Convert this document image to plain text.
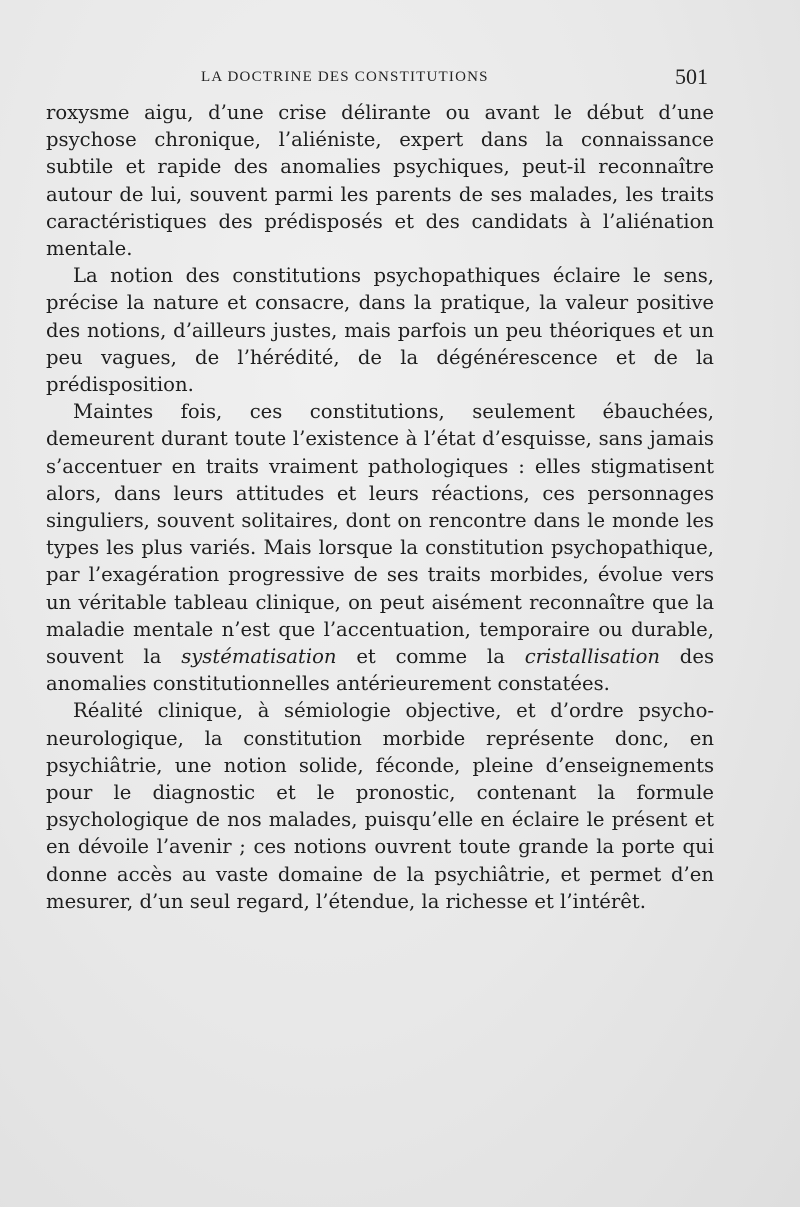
LA DOCTRINE DES CONSTITUTIONS	501

roxysme aigu, d’une crise délirante ou avant le début d’une psychose chronique, l’aliéniste, expert dans la connaissance subtile et rapide des anomalies psychiques, peut-il reconnaître autour de lui, souvent parmi les parents de ses malades, les traits caractéristiques des prédisposés et des candidats à l’aliénation mentale.

La notion des constitutions psychopathiques éclaire le sens, précise la nature et consacre, dans la pratique, la valeur positive des notions, d’ailleurs justes, mais parfois un peu théoriques et un peu vagues, de l’hérédité, de la dégénérescence et de la prédisposition.

Maintes fois, ces constitutions, seulement ébauchées, demeurent durant toute l’existence à l’état d’esquisse, sans jamais s’accentuer en traits vraiment pathologiques : elles stigmatisent alors, dans leurs attitudes et leurs réactions, ces personnages singuliers, souvent solitaires, dont on rencontre dans le monde les types les plus variés. Mais lorsque la constitution psychopathique, par l’exagération progressive de ses traits morbides, évolue vers un véritable tableau clinique, on peut aisément reconnaître que la maladie mentale n’est que l’accentuation, temporaire ou durable, souvent la systématisation et comme la cristallisation des anomalies constitutionnelles antérieurement constatées.

Réalité clinique, à sémiologie objective, et d’ordre psycho-neurologique, la constitution morbide représente donc, en psychiâtrie, une notion solide, féconde, pleine d’enseignements pour le diagnostic et le pronostic, contenant la formule psychologique de nos malades, puisqu’elle en éclaire le présent et en dévoile l’avenir ; ces notions ouvrent toute grande la porte qui donne accès au vaste domaine de la psychiâtrie, et permet d’en mesurer, d’un seul regard, l’étendue, la richesse et l’intérêt.
